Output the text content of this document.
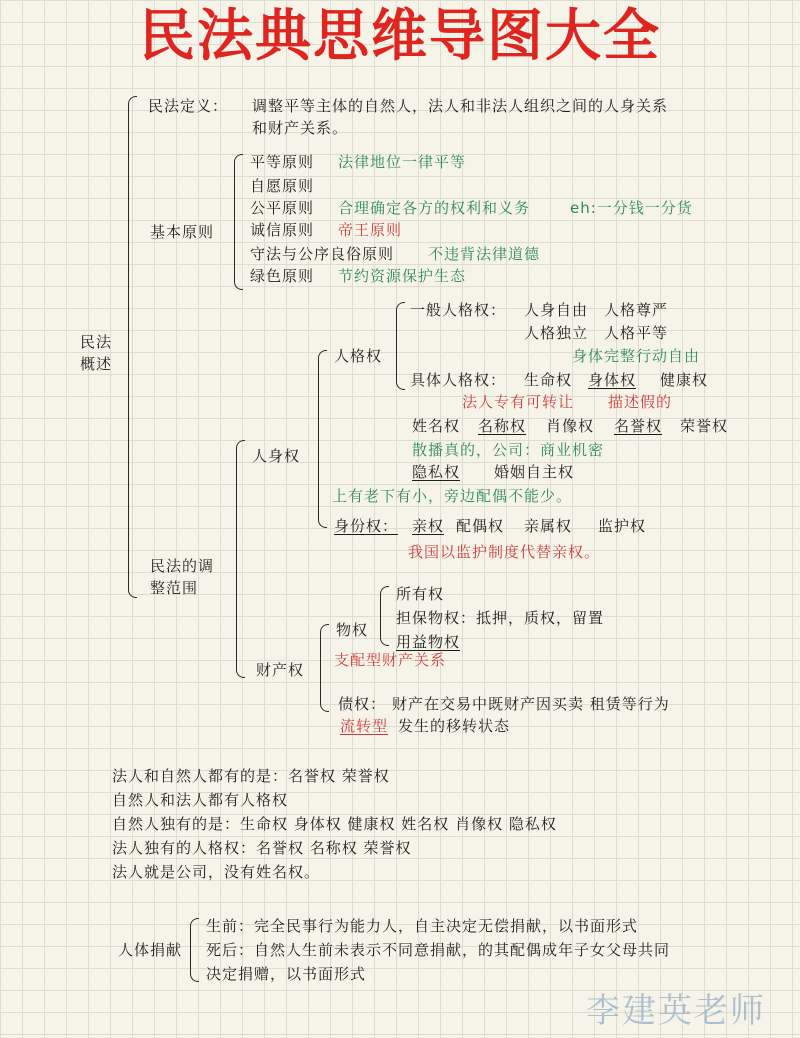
民法典思维导图大全
民法
概述
民法定义： 调整平等主体的自然人，法人和非法人组织之间的人身关系
和财产关系。
基本原则
平等原则 法律地位一律平等
自愿原则
公平原则 合理确定各方的权利和义务	eh:一分钱一分货
诚信原则 帝王原则
守法与公序良俗原则 不违背法律道德
绿色原则 节约资源保护生态
民法的调
整范围
人身权
人格权
一般人格权： 人身自由　人格尊严
人格独立　人格平等
身体完整行动自由
具体人格权： 生命权 身体权 健康权
法人专有可转让 描述假的
姓名权 名称权 肖像权 名誉权 荣誉权
散播真的，公司：商业机密
隐私权 婚姻自主权
上有老下有小，旁边配偶不能少。
身份权： 亲权 配偶权 亲属权 监护权
我国以监护制度代替亲权。
财产权
物权
所有权
担保物权：抵押，质权，留置
用益物权
支配型财产关系
债权： 财产在交易中既财产因买卖 租赁等行为
流转型 发生的移转状态
法人和自然人都有的是：名誉权 荣誉权
自然人和法人都有人格权
自然人独有的是：生命权 身体权 健康权 姓名权 肖像权 隐私权
法人独有的人格权：名誉权 名称权 荣誉权
法人就是公司，没有姓名权。
人体捐献
生前：完全民事行为能力人，自主决定无偿捐献，以书面形式
死后：自然人生前未表示不同意捐献，的其配偶成年子女父母共同
决定捐赠，以书面形式
李建英老师
